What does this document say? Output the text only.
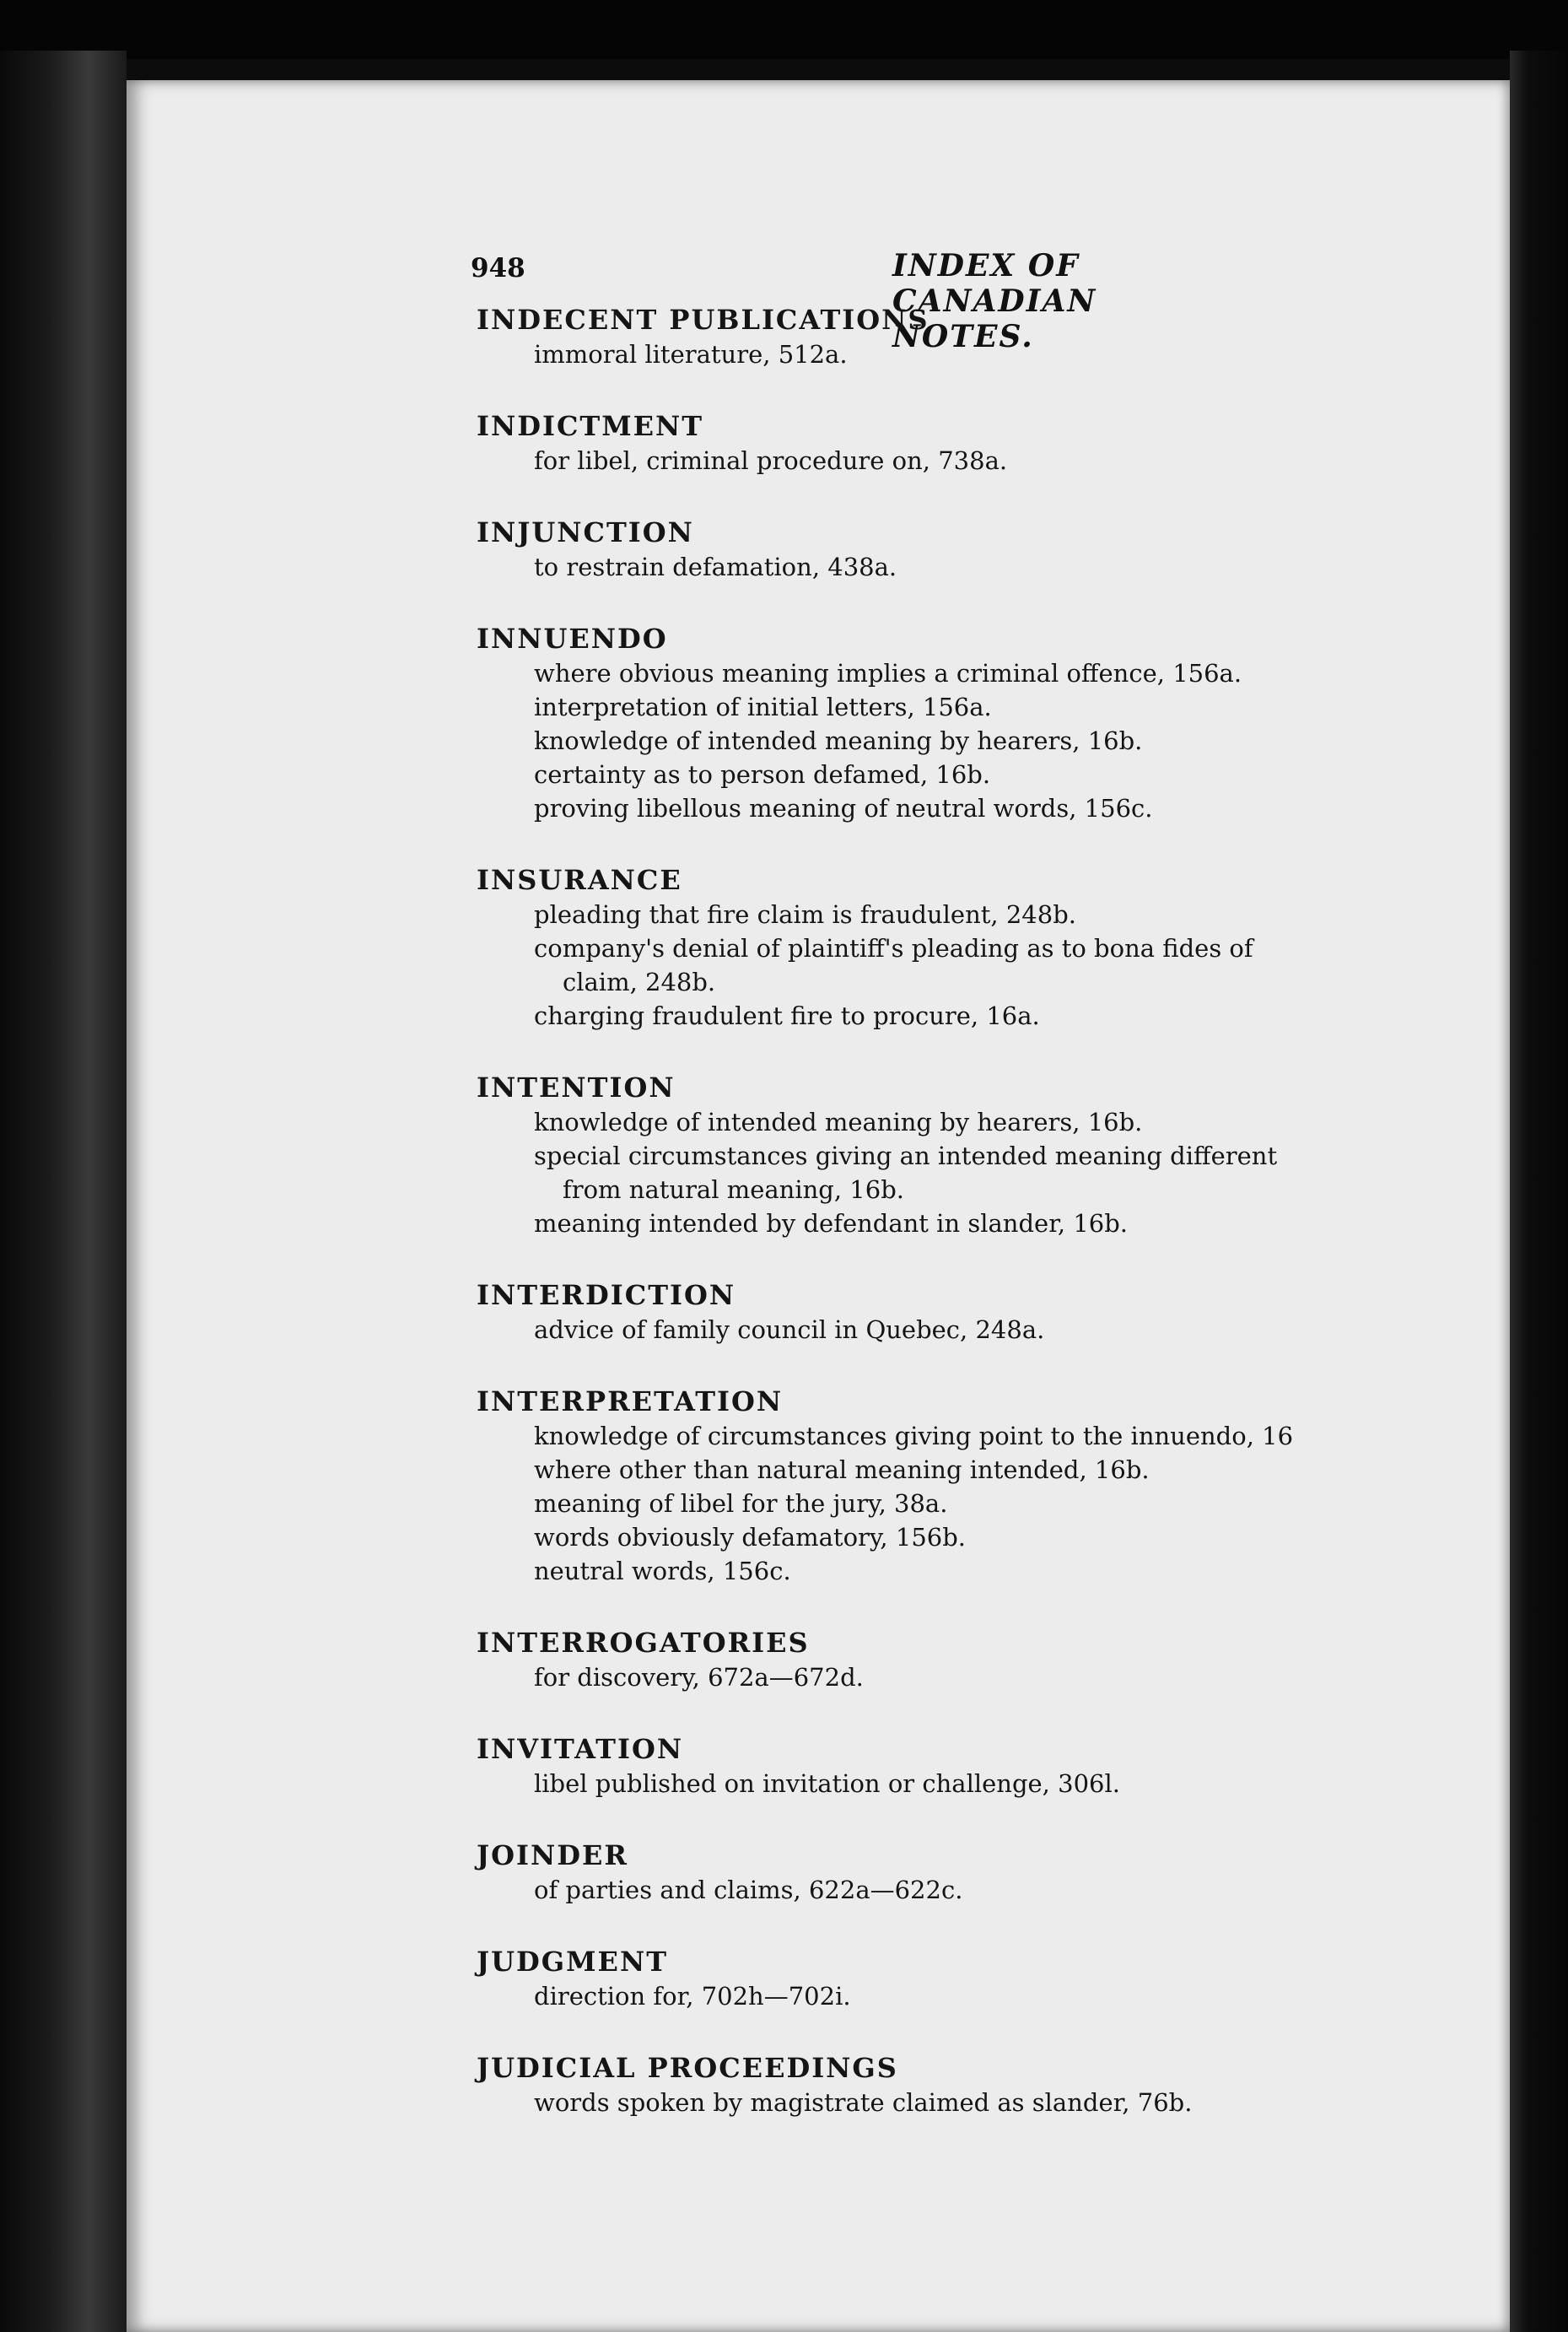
948	INDEX OF CANADIAN NOTES.
INDECENT PUBLICATIONS
immoral literature, 512a.
INDICTMENT
for libel, criminal procedure on, 738a.
INJUNCTION
to restrain defamation, 438a.
INNUENDO
where obvious meaning implies a criminal offence, 156a.
interpretation of initial letters, 156a.
knowledge of intended meaning by hearers, 16b.
certainty as to person defamed, 16b.
proving libellous meaning of neutral words, 156c.
INSURANCE
pleading that fire claim is fraudulent, 248b.
company's denial of plaintiff's pleading as to bona fides of
claim, 248b.
charging fraudulent fire to procure, 16a.
INTENTION
knowledge of intended meaning by hearers, 16b.
special circumstances giving an intended meaning different
from natural meaning, 16b.
meaning intended by defendant in slander, 16b.
INTERDICTION
advice of family council in Quebec, 248a.
INTERPRETATION
knowledge of circumstances giving point to the innuendo, 16
where other than natural meaning intended, 16b.
meaning of libel for the jury, 38a.
words obviously defamatory, 156b.
neutral words, 156c.
INTERROGATORIES
for discovery, 672a—672d.
INVITATION
libel published on invitation or challenge, 306l.
JOINDER
of parties and claims, 622a—622c.
JUDGMENT
direction for, 702h—702i.
JUDICIAL PROCEEDINGS
words spoken by magistrate claimed as slander, 76b.
